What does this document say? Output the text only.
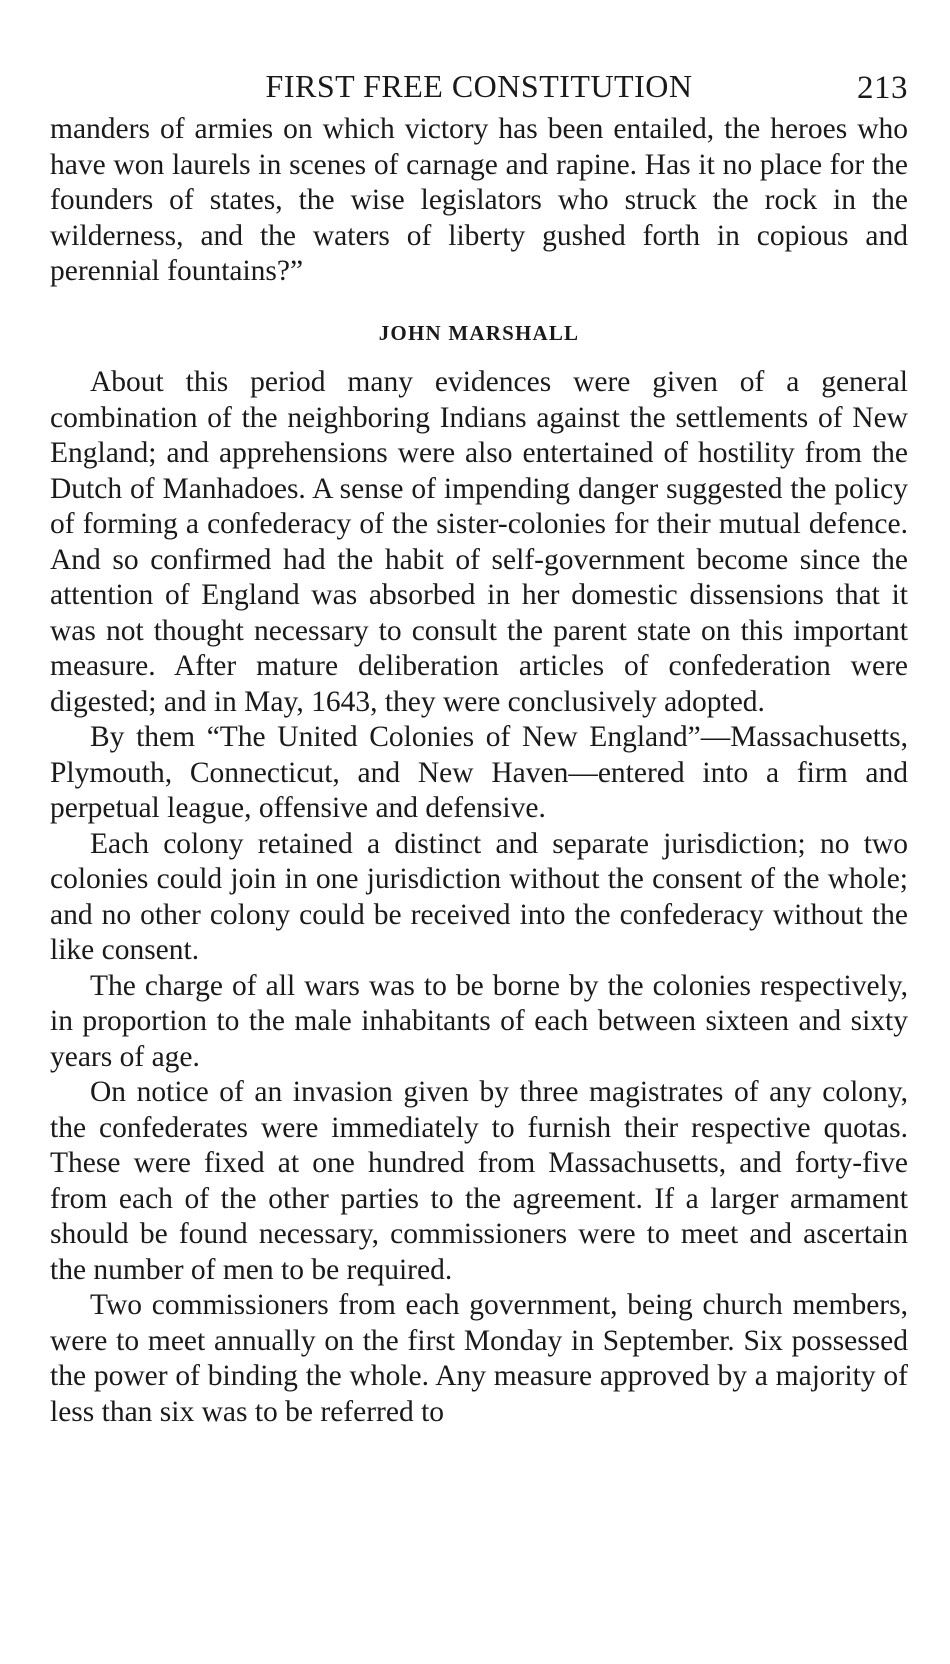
FIRST FREE CONSTITUTION	213

manders of armies on which victory has been entailed, the heroes who have won laurels in scenes of carnage and rapine. Has it no place for the founders of states, the wise legislators who struck the rock in the wilderness, and the waters of liberty gushed forth in copious and perennial fountains?”

JOHN MARSHALL

About this period many evidences were given of a general combination of the neighboring Indians against the settlements of New England; and apprehensions were also entertained of hostility from the Dutch of Manhadoes. A sense of impending danger suggested the policy of forming a confederacy of the sister-colonies for their mutual defence. And so confirmed had the habit of self-government become since the attention of England was absorbed in her domestic dissensions that it was not thought necessary to consult the parent state on this important measure. After mature deliberation articles of confederation were digested; and in May, 1643, they were conclusively adopted.

By them “The United Colonies of New England”—Massachusetts, Plymouth, Connecticut, and New Haven—entered into a firm and perpetual league, offensive and defensive.

Each colony retained a distinct and separate jurisdiction; no two colonies could join in one jurisdiction without the consent of the whole; and no other colony could be received into the confederacy without the like consent.

The charge of all wars was to be borne by the colonies respectively, in proportion to the male inhabitants of each between sixteen and sixty years of age.

On notice of an invasion given by three magistrates of any colony, the confederates were immediately to furnish their respective quotas. These were fixed at one hundred from Massachusetts, and forty-five from each of the other parties to the agreement. If a larger armament should be found necessary, commissioners were to meet and ascertain the number of men to be required.

Two commissioners from each government, being church members, were to meet annually on the first Monday in September. Six possessed the power of binding the whole. Any measure approved by a majority of less than six was to be referred to
